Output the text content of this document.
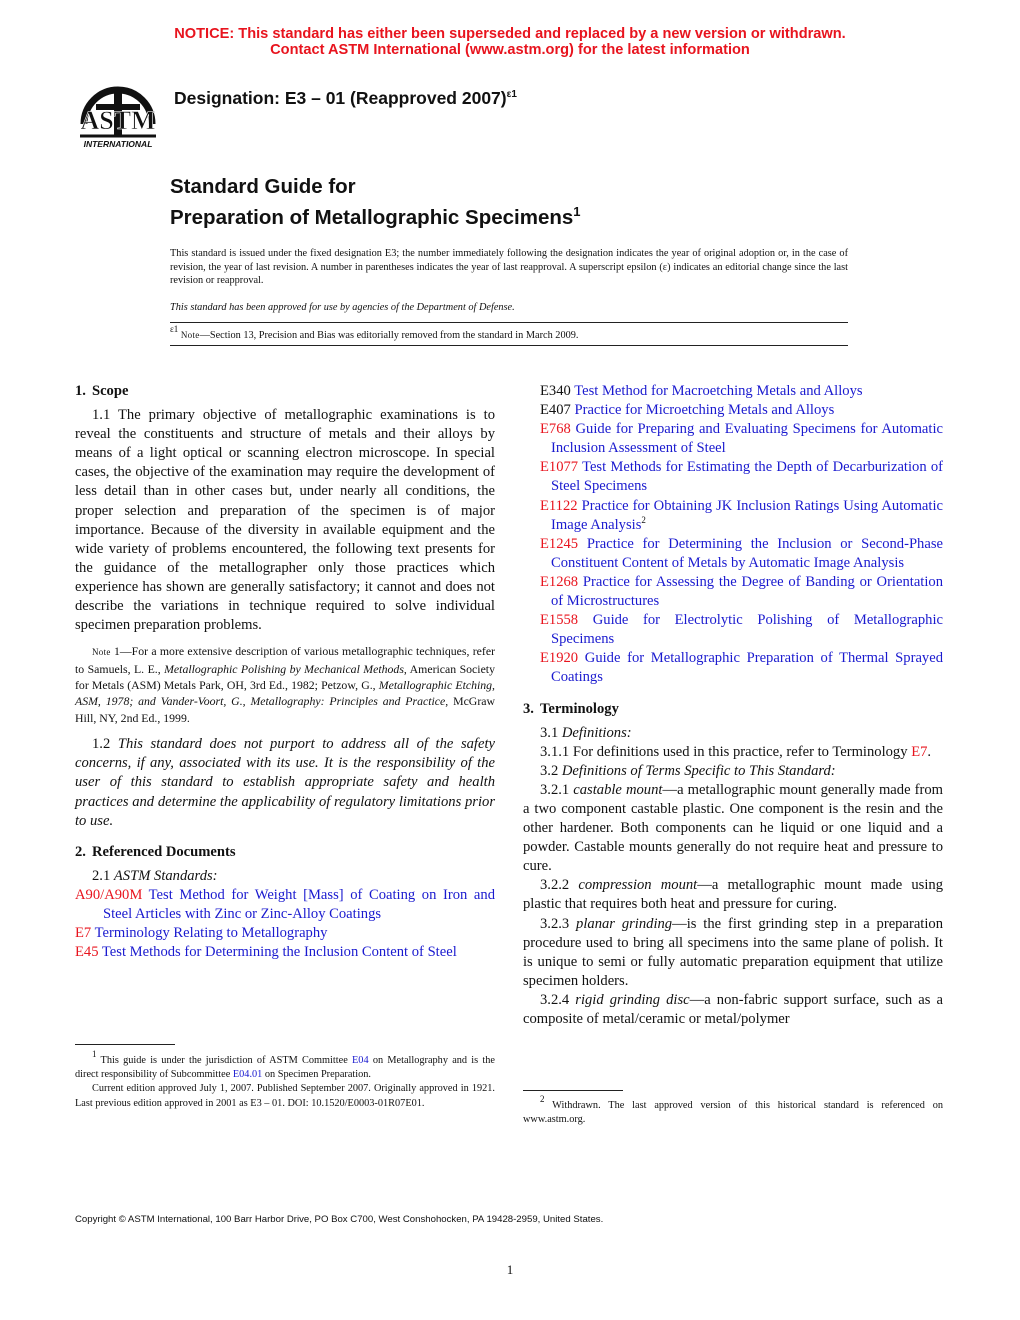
NOTICE: This standard has either been superseded and replaced by a new version or withdrawn.
Contact ASTM International (www.astm.org) for the latest information
ASTM
INTERNATIONAL
Designation: E3 – 01 (Reapproved 2007)$^{\varepsilon 1}$
Standard Guide for
Preparation of Metallographic Specimens$^1$
This standard is issued under the fixed designation E3; the number immediately following the designation indicates the year of original adoption or, in the case of revision, the year of last revision. A number in parentheses indicates the year of last reapproval. A superscript epsilon (ε) indicates an editorial change since the last revision or reapproval.
This standard has been approved for use by agencies of the Department of Defense.
$^{\varepsilon 1}$ Note—Section 13, Precision and Bias was editorially removed from the standard in March 2009.
1. Scope

1.1 The primary objective of metallographic examinations is to reveal the constituents and structure of metals and their alloys by means of a light optical or scanning electron microscope. In special cases, the objective of the examination may require the development of less detail than in other cases but, under nearly all conditions, the proper selection and preparation of the specimen is of major importance. Because of the diversity in available equipment and the wide variety of problems encountered, the following text presents for the guidance of the metallographer only those practices which experience has shown are generally satisfactory; it cannot and does not describe the variations in technique required to solve individual specimen preparation problems.

Note 1—For a more extensive description of various metallographic techniques, refer to Samuels, L. E., Metallographic Polishing by Mechanical Methods, American Society for Metals (ASM) Metals Park, OH, 3rd Ed., 1982; Petzow, G., Metallographic Etching, ASM, 1978; and Vander-Voort, G., Metallography: Principles and Practice, McGraw Hill, NY, 2nd Ed., 1999.

1.2 This standard does not purport to address all of the safety concerns, if any, associated with its use. It is the responsibility of the user of this standard to establish appropriate safety and health practices and determine the applicability of regulatory limitations prior to use.

2. Referenced Documents

2.1 ASTM Standards:

A90/A90M Test Method for Weight [Mass] of Coating on Iron and Steel Articles with Zinc or Zinc-Alloy Coatings

E7 Terminology Relating to Metallography

E45 Test Methods for Determining the Inclusion Content of Steel

E340 Test Method for Macroetching Metals and Alloys

E407 Practice for Microetching Metals and Alloys

E768 Guide for Preparing and Evaluating Specimens for Automatic Inclusion Assessment of Steel

E1077 Test Methods for Estimating the Depth of Decarburization of Steel Specimens

E1122 Practice for Obtaining JK Inclusion Ratings Using Automatic Image Analysis$^2$

E1245 Practice for Determining the Inclusion or Second-Phase Constituent Content of Metals by Automatic Image Analysis

E1268 Practice for Assessing the Degree of Banding or Orientation of Microstructures

E1558 Guide for Electrolytic Polishing of Metallographic Specimens

E1920 Guide for Metallographic Preparation of Thermal Sprayed Coatings

3. Terminology

3.1 Definitions:

3.1.1 For definitions used in this practice, refer to Terminology E7.

3.2 Definitions of Terms Specific to This Standard:

3.2.1 castable mount—a metallographic mount generally made from a two component castable plastic. One component is the resin and the other hardener. Both components can he liquid or one liquid and a powder. Castable mounts generally do not require heat and pressure to cure.

3.2.2 compression mount—a metallographic mount made using plastic that requires both heat and pressure for curing.

3.2.3 planar grinding—is the first grinding step in a preparation procedure used to bring all specimens into the same plane of polish. It is unique to semi or fully automatic preparation equipment that utilize specimen holders.

3.2.4 rigid grinding disc—a non-fabric support surface, such as a composite of metal/ceramic or metal/polymer

$^1$ This guide is under the jurisdiction of ASTM Committee E04 on Metallography and is the direct responsibility of Subcommittee E04.01 on Specimen Preparation.
Current edition approved July 1, 2007. Published September 2007. Originally approved in 1921. Last previous edition approved in 2001 as E3 – 01. DOI: 10.1520/E0003-01R07E01.	$^2$ Withdrawn. The last approved version of this historical standard is referenced on www.astm.org.
Copyright © ASTM International, 100 Barr Harbor Drive, PO Box C700, West Conshohocken, PA 19428-2959, United States.
1
